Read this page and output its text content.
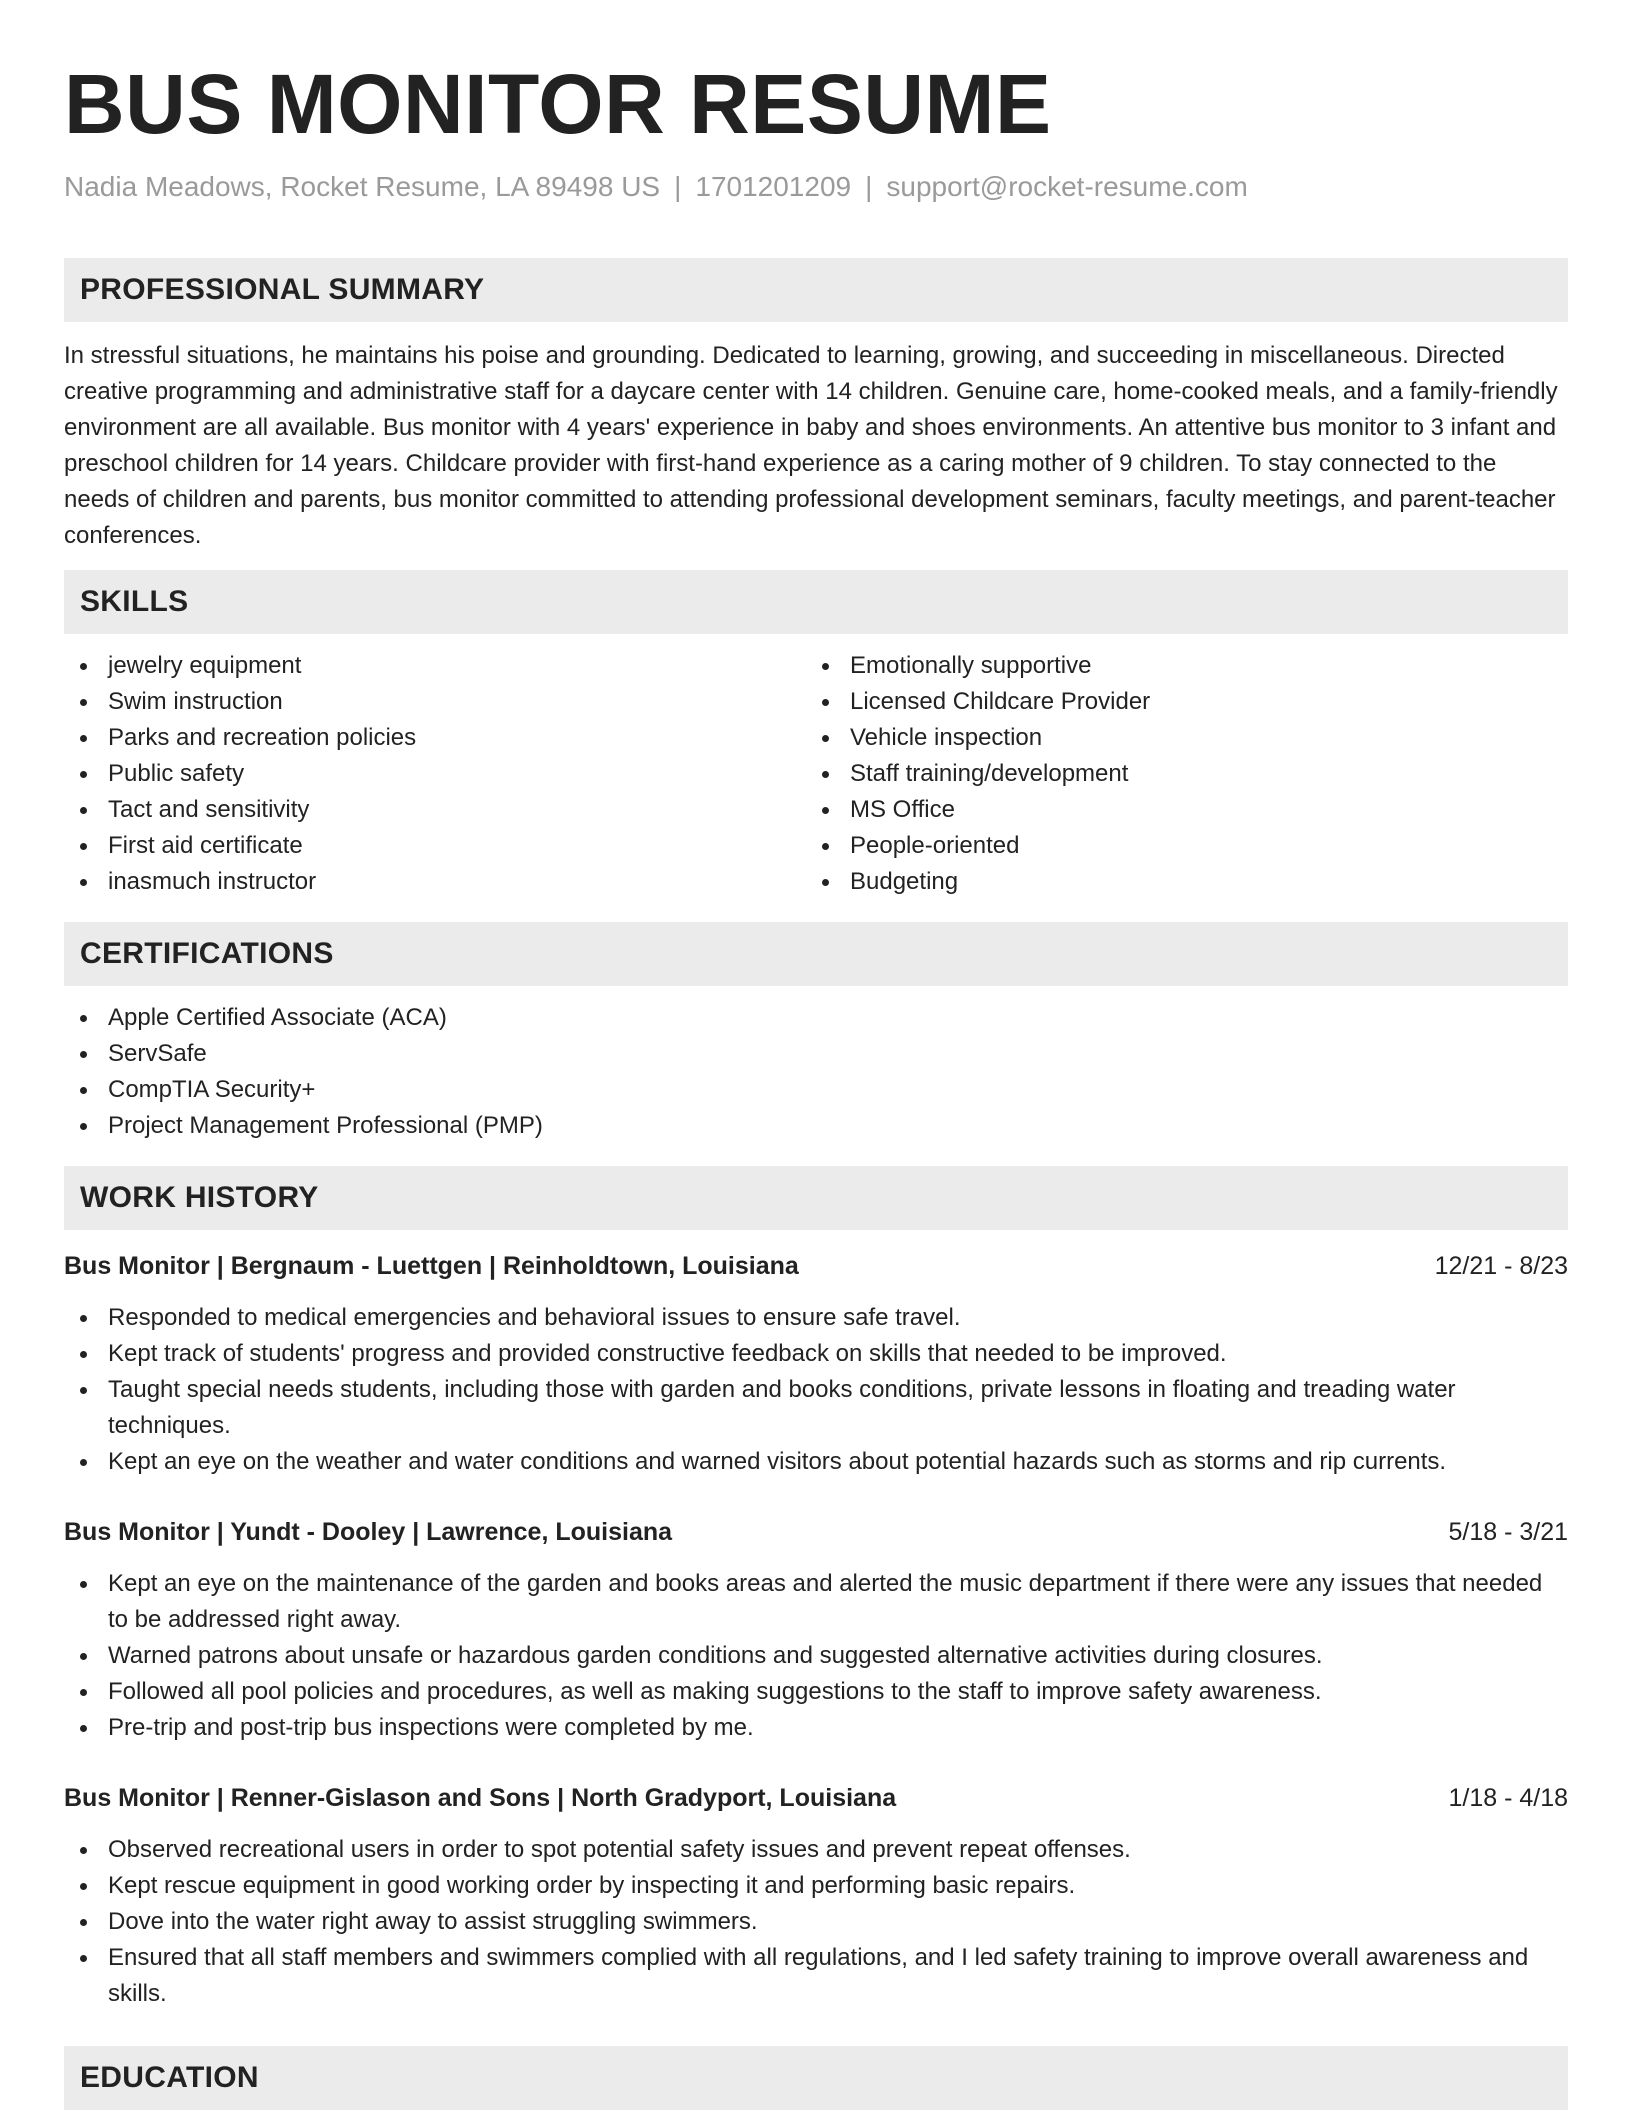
BUS MONITOR RESUME
Nadia Meadows, Rocket Resume, LA 89498 US | 1701201209 | support@rocket-resume.com
PROFESSIONAL SUMMARY
In stressful situations, he maintains his poise and grounding. Dedicated to learning, growing, and succeeding in miscellaneous. Directed creative programming and administrative staff for a daycare center with 14 children. Genuine care, home-cooked meals, and a family-friendly environment are all available. Bus monitor with 4 years' experience in baby and shoes environments. An attentive bus monitor to 3 infant and preschool children for 14 years. Childcare provider with first-hand experience as a caring mother of 9 children. To stay connected to the needs of children and parents, bus monitor committed to attending professional development seminars, faculty meetings, and parent-teacher conferences.
SKILLS
jewelry equipment
Swim instruction
Parks and recreation policies
Public safety
Tact and sensitivity
First aid certificate
inasmuch instructor
Emotionally supportive
Licensed Childcare Provider
Vehicle inspection
Staff training/development
MS Office
People-oriented
Budgeting
CERTIFICATIONS
Apple Certified Associate (ACA)
ServSafe
CompTIA Security+
Project Management Professional (PMP)
WORK HISTORY
Bus Monitor | Bergnaum - Luettgen | Reinholdtown, Louisiana	12/21 - 8/23
Responded to medical emergencies and behavioral issues to ensure safe travel.
Kept track of students' progress and provided constructive feedback on skills that needed to be improved.
Taught special needs students, including those with garden and books conditions, private lessons in floating and treading water techniques.
Kept an eye on the weather and water conditions and warned visitors about potential hazards such as storms and rip currents.
Bus Monitor | Yundt - Dooley | Lawrence, Louisiana	5/18 - 3/21
Kept an eye on the maintenance of the garden and books areas and alerted the music department if there were any issues that needed to be addressed right away.
Warned patrons about unsafe or hazardous garden conditions and suggested alternative activities during closures.
Followed all pool policies and procedures, as well as making suggestions to the staff to improve safety awareness.
Pre-trip and post-trip bus inspections were completed by me.
Bus Monitor | Renner-Gislason and Sons | North Gradyport, Louisiana	1/18 - 4/18
Observed recreational users in order to spot potential safety issues and prevent repeat offenses.
Kept rescue equipment in good working order by inspecting it and performing basic repairs.
Dove into the water right away to assist struggling swimmers.
Ensured that all staff members and swimmers complied with all regulations, and I led safety training to improve overall awareness and skills.
EDUCATION
